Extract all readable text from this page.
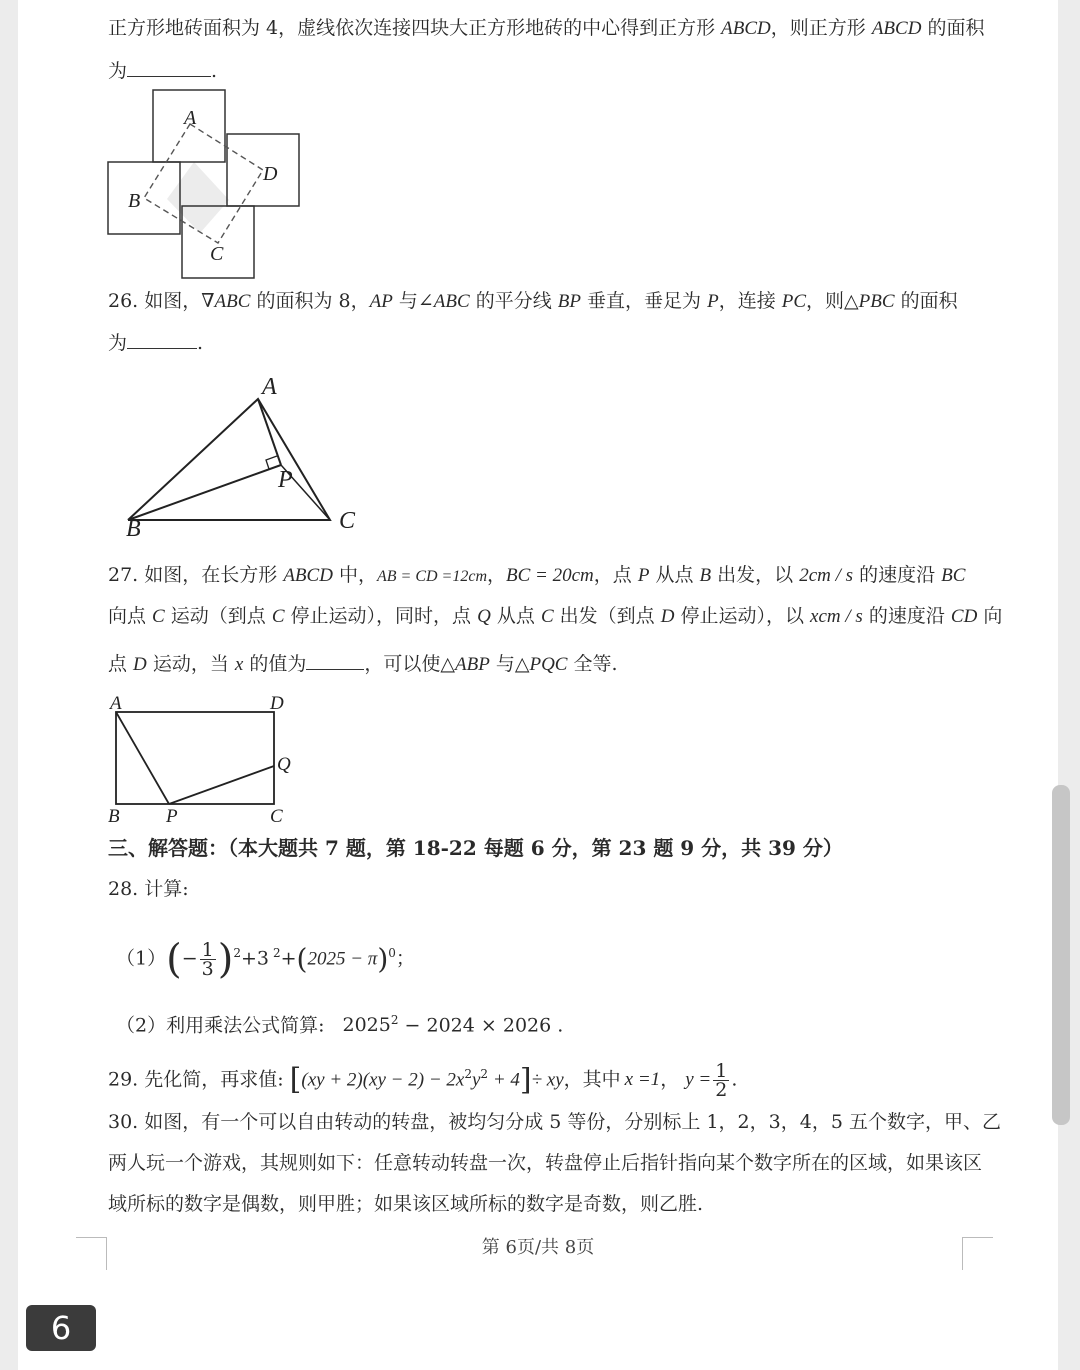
正方形地砖面积为 4，虚线依次连接四块大正方形地砖的中心得到正方形 ABCD，则正方形 ABCD 的面积
为	.
A
D
B
C
26. 如图，∇ABC 的面积为 8，AP 与∠ABC 的平分线 BP 垂直，垂足为 P，连接 PC，则△PBC 的面积
为	.
A
B	C
P
27. 如图，在长方形 ABCD 中，AB = CD =12cm，BC = 20cm，点 P 从点 B 出发，以 2cm / s 的速度沿 BC
向点 C 运动（到点 C 停止运动），同时，点 Q 从点 C 出发（到点 D 停止运动），以 xcm / s 的速度沿 CD 向
点 D 运动，当 x 的值为	，可以使△ABP 与△PQC 全等.
A	D
B	C
P
Q
三、解答题：（本大题共 7 题，第 18-22 每题 6 分，第 23 题 9 分，共 39 分）
28. 计算:
$(1)(- \frac{1}{3} )^2+3$ $^2+(2025 - \pi)^0$；
（2）利用乘法公式简算: $2025^2 - 2024 \times 2026$ .
29. 先化简，再求值: $[(xy + 2)(xy - 2) - 2x^2y^2 + 4]\div$ xy，其中 x =1， $y = \frac{1}{2}$ .
30. 如图，有一个可以自由转动的转盘，被均匀分成 5 等份，分别标上 1，2，3，4，5 五个数字，甲、乙
两人玩一个游戏，其规则如下：任意转动转盘一次，转盘停止后指针指向某个数字所在的区域，如果该区
域所标的数字是偶数，则甲胜；如果该区域所标的数字是奇数，则乙胜.
第 6页/共 8页
6
